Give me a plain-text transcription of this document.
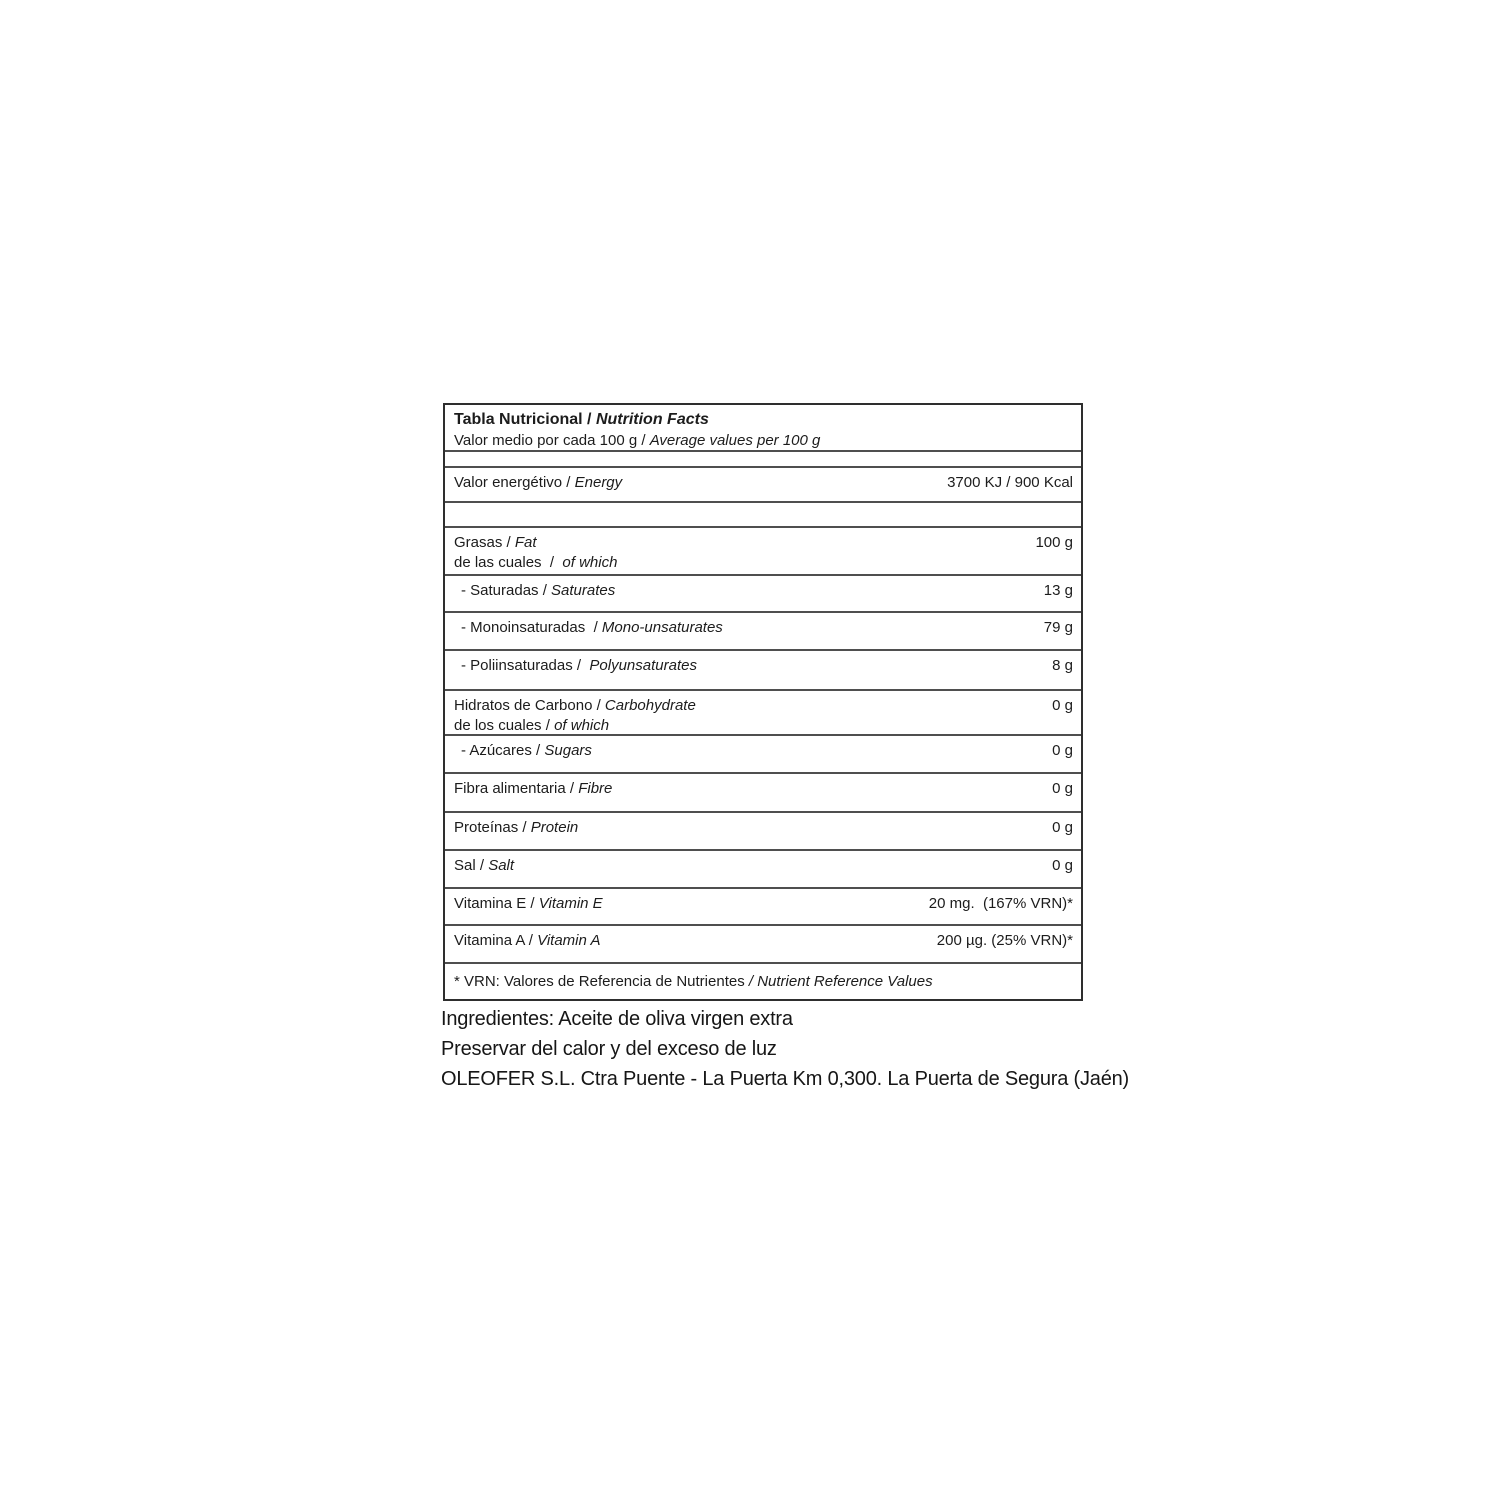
Tabla Nutricional / Nutrition Facts
Valor medio por cada 100 g / Average values per 100 g
Valor energétivo / Energy	3700 KJ / 900 Kcal
Grasas / Fat	100 g
de las cuales  /  of which
- Saturadas / Saturates	13 g
- Monoinsaturadas  / Mono-unsaturates	79 g
- Poliinsaturadas /  Polyunsaturates	8 g
Hidratos de Carbono / Carbohydrate	0 g
de los cuales / of which
- Azúcares / Sugars	0 g
Fibra alimentaria / Fibre	0 g
Proteínas / Protein	0 g
Sal / Salt	0 g
Vitamina E / Vitamin E	20 mg.  (167% VRN)*
Vitamina A / Vitamin A	200 µg. (25% VRN)*
* VRN: Valores de Referencia de Nutrientes / Nutrient Reference Values
Ingredientes: Aceite de oliva virgen extra
Preservar del calor y del exceso de luz
OLEOFER S.L. Ctra Puente - La Puerta Km 0,300. La Puerta de Segura (Jaén)
